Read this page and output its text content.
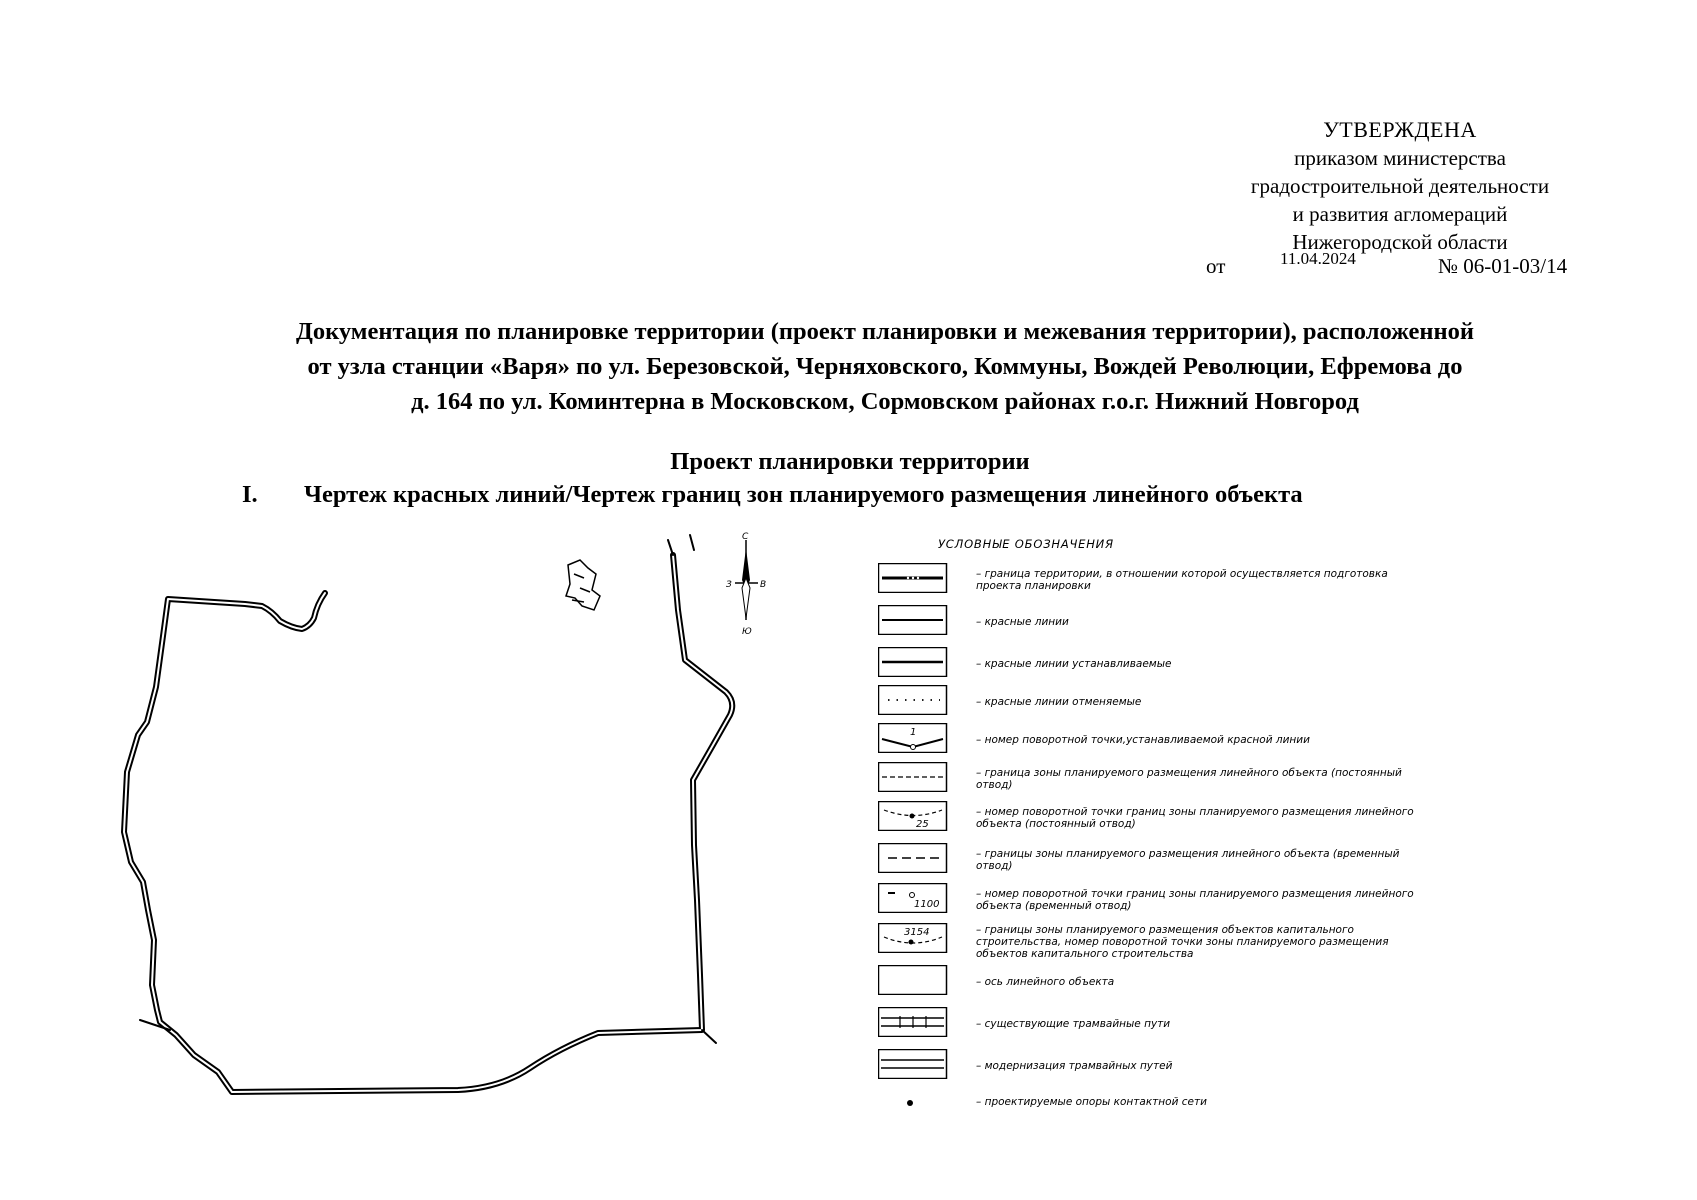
УТВЕРЖДЕНА
приказом министерства
градостроительной деятельности
и развития агломераций
Нижегородской области
от	11.04.2024	№ 06-01-03/14
Документация по планировке территории (проект планировки и межевания территории), расположенной
от узла станции «Варя» по ул. Березовской, Черняховского, Коммуны, Вождей Революции, Ефремова до
д. 164 по ул. Коминтерна в Московском, Сормовском районах г.о.г. Нижний Новгород
Проект планировки территории
I. Чертеж красных линий/Чертеж границ зон планируемого размещения линейного объекта
С
Ю
В
З
УСЛОВНЫЕ ОБОЗНАЧЕНИЯ
– граница территории, в отношении которой осуществляется подготовка проекта планировки
– красные линии
– красные линии устанавливаемые
– красные линии отменяемые
1
– номер поворотной точки,устанавливаемой красной линии
– граница зоны планируемого размещения линейного объекта (постоянный отвод)
25
– номер поворотной точки границ зоны планируемого размещения линейного объекта (постоянный отвод)
– границы зоны планируемого размещения линейного объекта (временный отвод)
1100
– номер поворотной точки границ зоны планируемого размещения линейного объекта (временный отвод)
3154	– границы зоны планируемого размещения объектов капитального строительства, номер поворотной точки зоны планируемого размещения объектов капитального строительства
– ось линейного объекта
– существующие трамвайные пути
– модернизация трамвайных путей
– проектируемые опоры контактной сети
